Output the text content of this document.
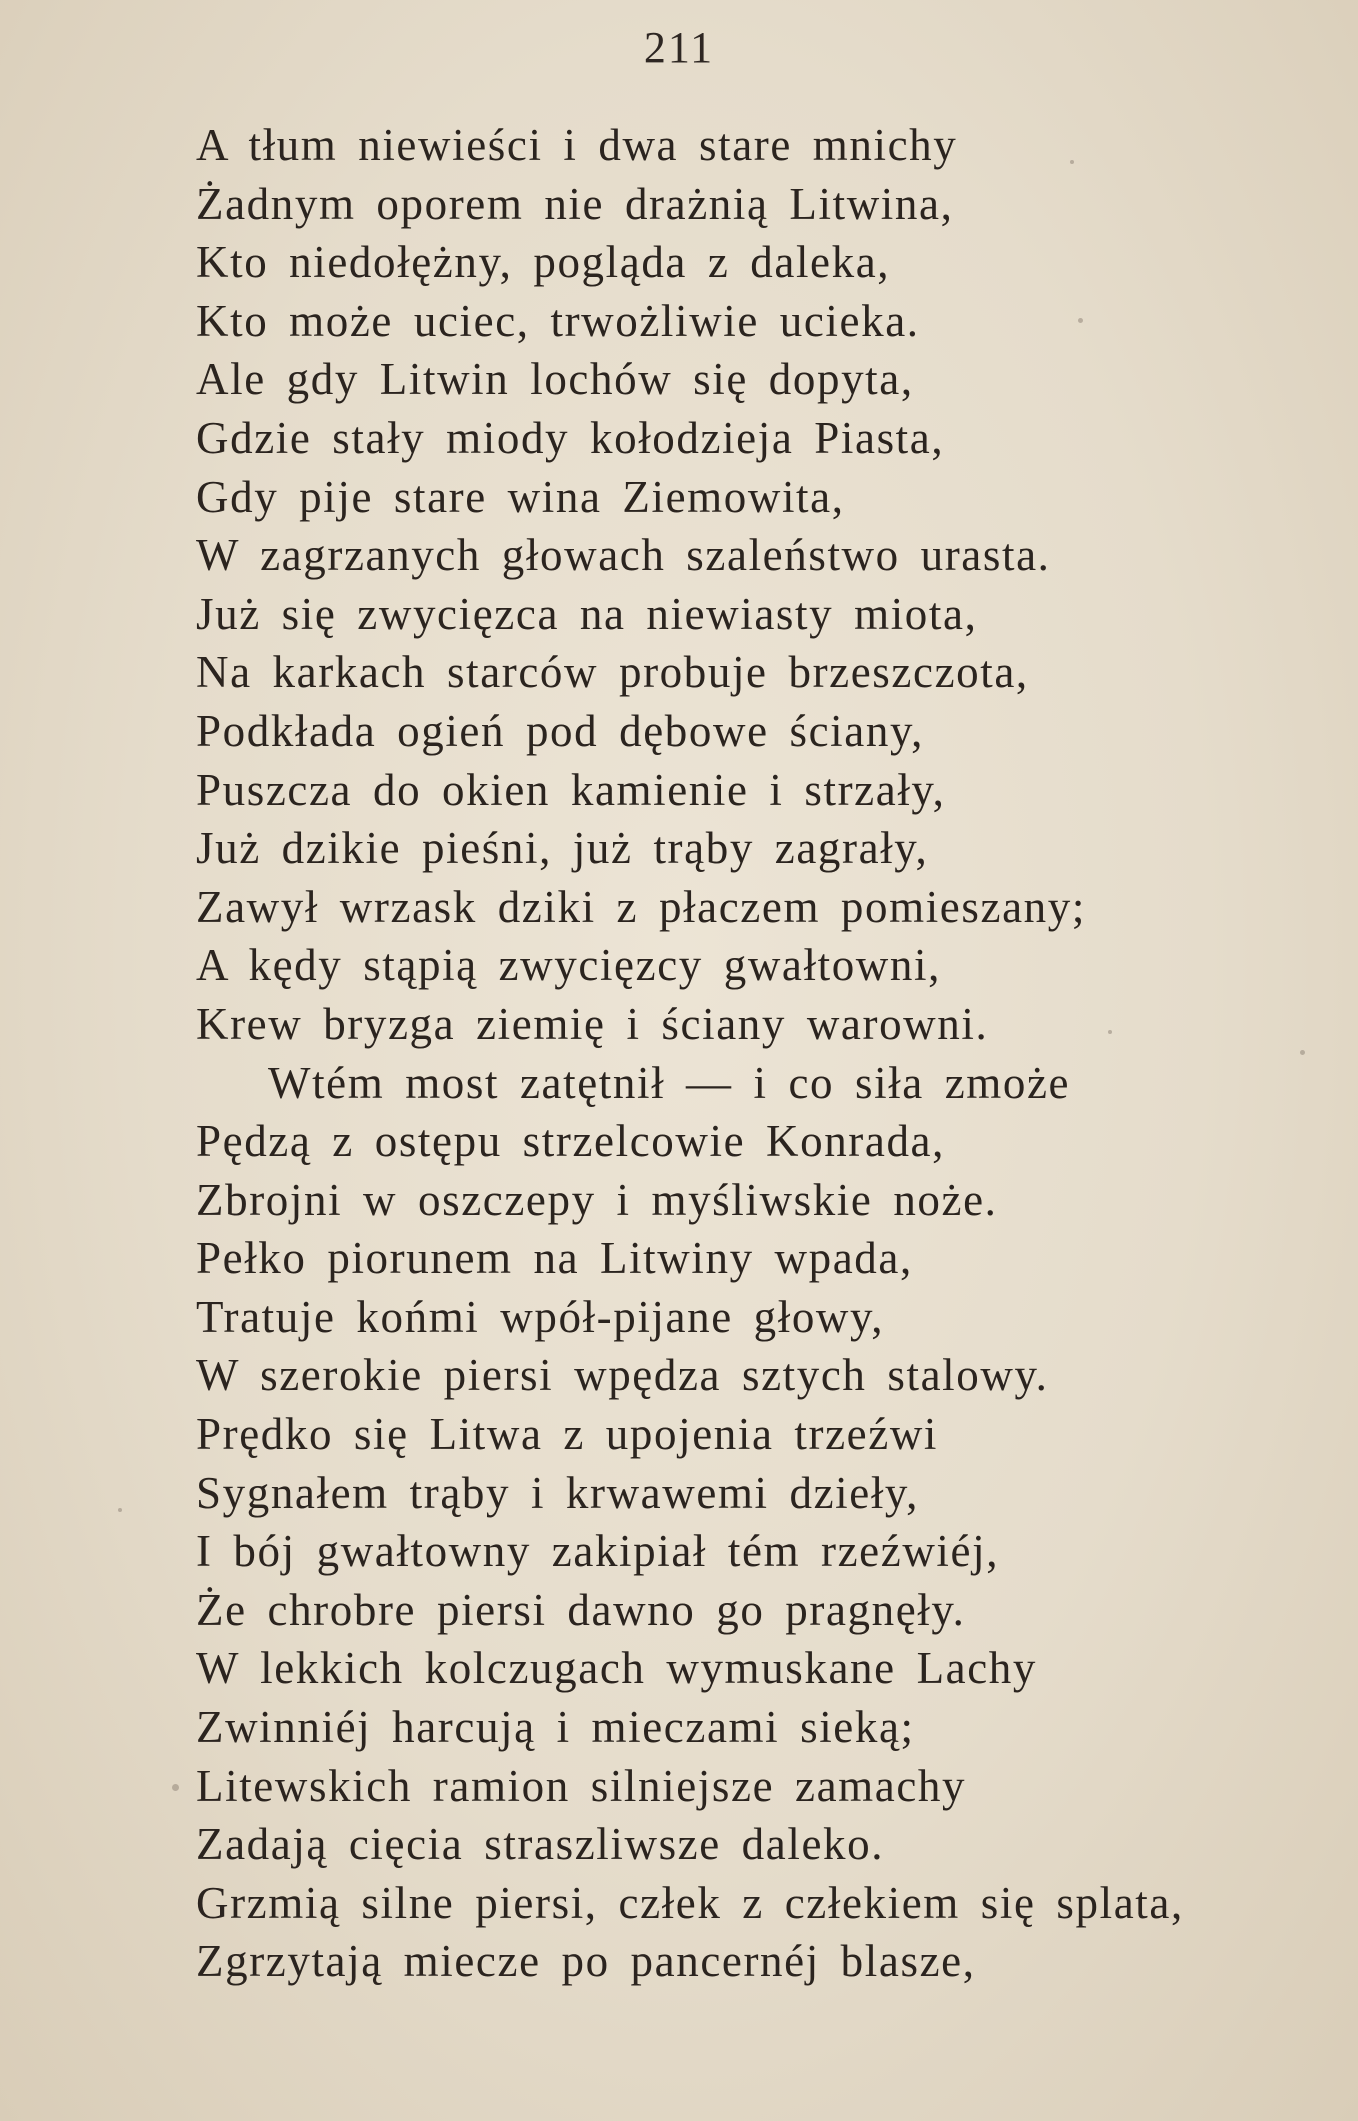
211
A tłum niewieści i dwa stare mnichy
Żadnym oporem nie drażnią Litwina,
Kto niedołężny, pogląda z daleka,
Kto może uciec, trwożliwie ucieka.
Ale gdy Litwin lochów się dopyta,
Gdzie stały miody kołodzieja Piasta,
Gdy pije stare wina Ziemowita,
W zagrzanych głowach szaleństwo urasta.
Już się zwycięzca na niewiasty miota,
Na karkach starców probuje brzeszczota,
Podkłada ogień pod dębowe ściany,
Puszcza do okien kamienie i strzały,
Już dzikie pieśni, już trąby zagrały,
Zawył wrzask dziki z płaczem pomieszany;
A kędy stąpią zwycięzcy gwałtowni,
Krew bryzga ziemię i ściany warowni.
Wtém most zatętnił — i co siła zmoże
Pędzą z ostępu strzelcowie Konrada,
Zbrojni w oszczepy i myśliwskie noże.
Pełko piorunem na Litwiny wpada,
Tratuje końmi wpół-pijane głowy,
W szerokie piersi wpędza sztych stalowy.
Prędko się Litwa z upojenia trzeźwi
Sygnałem trąby i krwawemi dzieły,
I bój gwałtowny zakipiał tém rzeźwiéj,
Że chrobre piersi dawno go pragnęły.
W lekkich kolczugach wymuskane Lachy
Zwinniéj harcują i mieczami sieką;
Litewskich ramion silniejsze zamachy
Zadają cięcia straszliwsze daleko.
Grzmią silne piersi, człek z człekiem się splata,
Zgrzytają miecze po pancernéj blasze,
